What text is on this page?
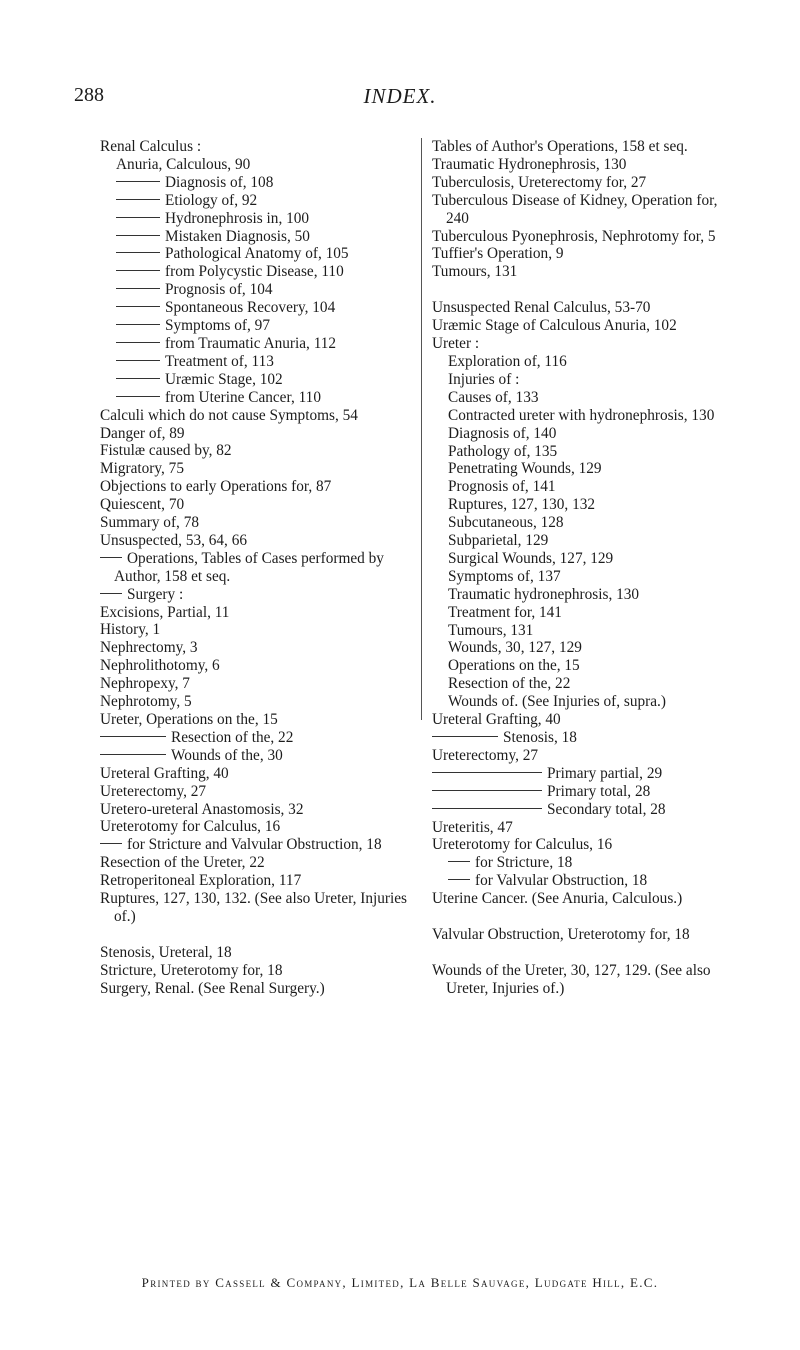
288	INDEX.

Renal Calculus :

Anuria, Calculous, 90

Diagnosis of, 108

Etiology of, 92

Hydronephrosis in, 100

Mistaken Diagnosis, 50

Pathological Anatomy of, 105

from Polycystic Disease, 110

Prognosis of, 104

Spontaneous Recovery, 104

Symptoms of, 97

from Traumatic Anuria, 112

Treatment of, 113

Uræmic Stage, 102

from Uterine Cancer, 110

Calculi which do not cause Symptoms, 54

Danger of, 89

Fistulæ caused by, 82

Migratory, 75

Objections to early Operations for, 87

Quiescent, 70

Summary of, 78

Unsuspected, 53, 64, 66

Operations, Tables of Cases performed by Author, 158 et seq.

Surgery :

Excisions, Partial, 11

History, 1

Nephrectomy, 3

Nephrolithotomy, 6

Nephropexy, 7

Nephrotomy, 5

Ureter, Operations on the, 15

Resection of the, 22

Wounds of the, 30

Ureteral Grafting, 40

Ureterectomy, 27

Uretero-ureteral Anastomosis, 32

Ureterotomy for Calculus, 16

for Stricture and Valvular Obstruction, 18

Resection of the Ureter, 22

Retroperitoneal Exploration, 117

Ruptures, 127, 130, 132. (See also Ureter, Injuries of.)

Stenosis, Ureteral, 18

Stricture, Ureterotomy for, 18

Surgery, Renal. (See Renal Surgery.)

Tables of Author's Operations, 158 et seq.

Traumatic Hydronephrosis, 130

Tuberculosis, Ureterectomy for, 27

Tuberculous Disease of Kidney, Operation for, 240

Tuberculous Pyonephrosis, Nephrotomy for, 5

Tuffier's Operation, 9

Tumours, 131

Unsuspected Renal Calculus, 53-70

Uræmic Stage of Calculous Anuria, 102

Ureter :

Exploration of, 116

Injuries of :

Causes of, 133

Contracted ureter with hydronephrosis, 130

Diagnosis of, 140

Pathology of, 135

Penetrating Wounds, 129

Prognosis of, 141

Ruptures, 127, 130, 132

Subcutaneous, 128

Subparietal, 129

Surgical Wounds, 127, 129

Symptoms of, 137

Traumatic hydronephrosis, 130

Treatment for, 141

Tumours, 131

Wounds, 30, 127, 129

Operations on the, 15

Resection of the, 22

Wounds of. (See Injuries of, supra.)

Ureteral Grafting, 40

Stenosis, 18

Ureterectomy, 27

Primary partial, 29

Primary total, 28

Secondary total, 28

Ureteritis, 47

Ureterotomy for Calculus, 16

for Stricture, 18

for Valvular Obstruction, 18

Uterine Cancer. (See Anuria, Calculous.)

Valvular Obstruction, Ureterotomy for, 18

Wounds of the Ureter, 30, 127, 129. (See also Ureter, Injuries of.)

Printed by Cassell & Company, Limited, La Belle Sauvage, Ludgate Hill, E.C.
